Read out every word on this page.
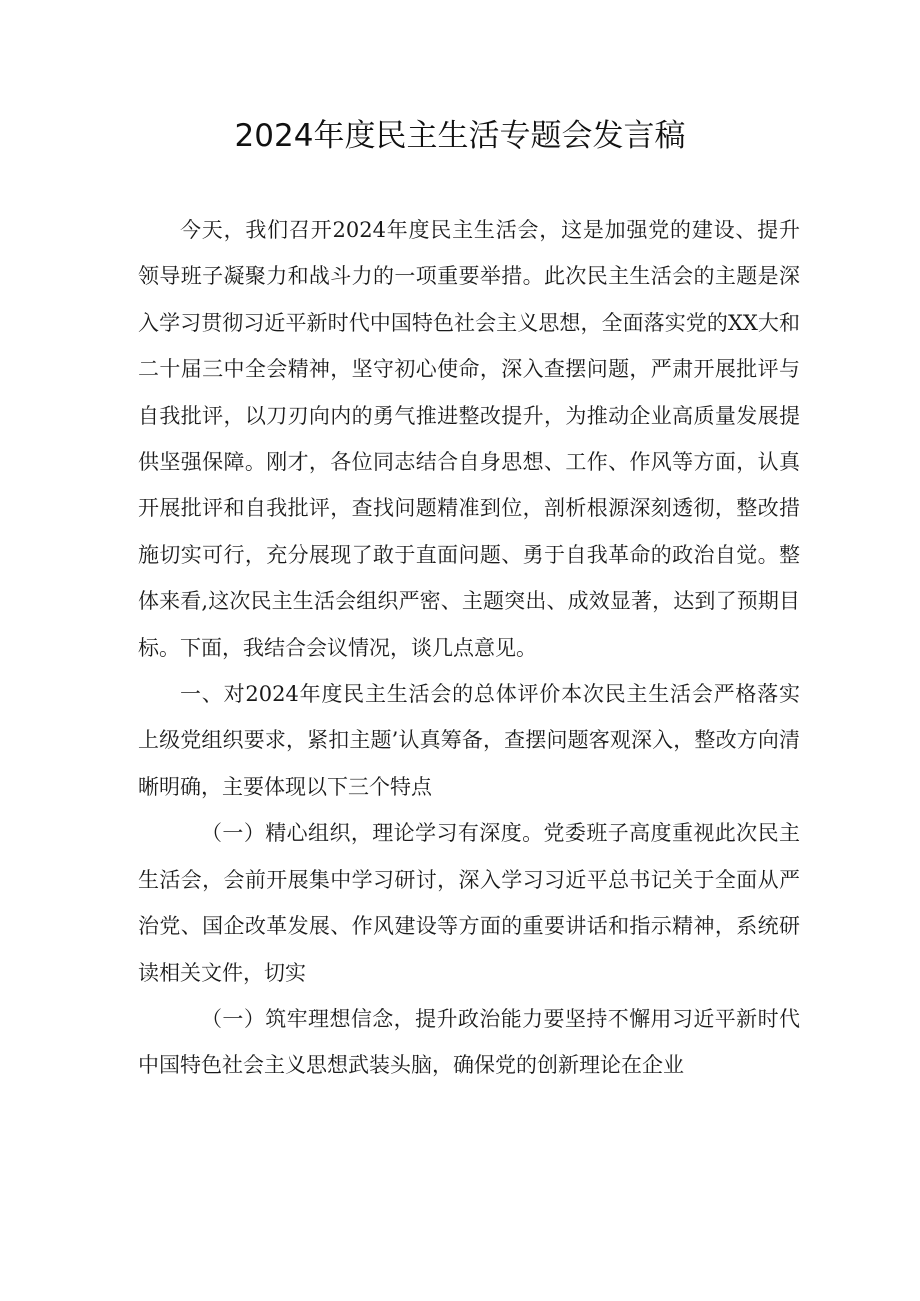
2024年度民主生活专题会发言稿

今天，我们召开2024年度民主生活会，这是加强党的建设、提升领导班子凝聚力和战斗力的一项重要举措。此次民主生活会的主题是深入学习贯彻习近平新时代中国特色社会主义思想，全面落实党的XX大和二十届三中全会精神，坚守初心使命，深入查摆问题，严肃开展批评与自我批评，以刀刃向内的勇气推进整改提升，为推动企业高质量发展提供坚强保障。刚才，各位同志结合自身思想、工作、作风等方面，认真开展批评和自我批评，查找问题精准到位，剖析根源深刻透彻，整改措施切实可行，充分展现了敢于直面问题、勇于自我革命的政治自觉。整体来看,这次民主生活会组织严密、主题突出、成效显著，达到了预期目标。下面，我结合会议情况，谈几点意见。

一、对2024年度民主生活会的总体评价本次民主生活会严格落实上级党组织要求，紧扣主题’认真筹备，查摆问题客观深入，整改方向清晰明确，主要体现以下三个特点

（一）精心组织，理论学习有深度。党委班子高度重视此次民主生活会，会前开展集中学习研讨，深入学习习近平总书记关于全面从严治党、国企改革发展、作风建设等方面的重要讲话和指示精神，系统研读相关文件，切实

（一）筑牢理想信念，提升政治能力要坚持不懈用习近平新时代中国特色社会主义思想武装头脑，确保党的创新理论在企业
